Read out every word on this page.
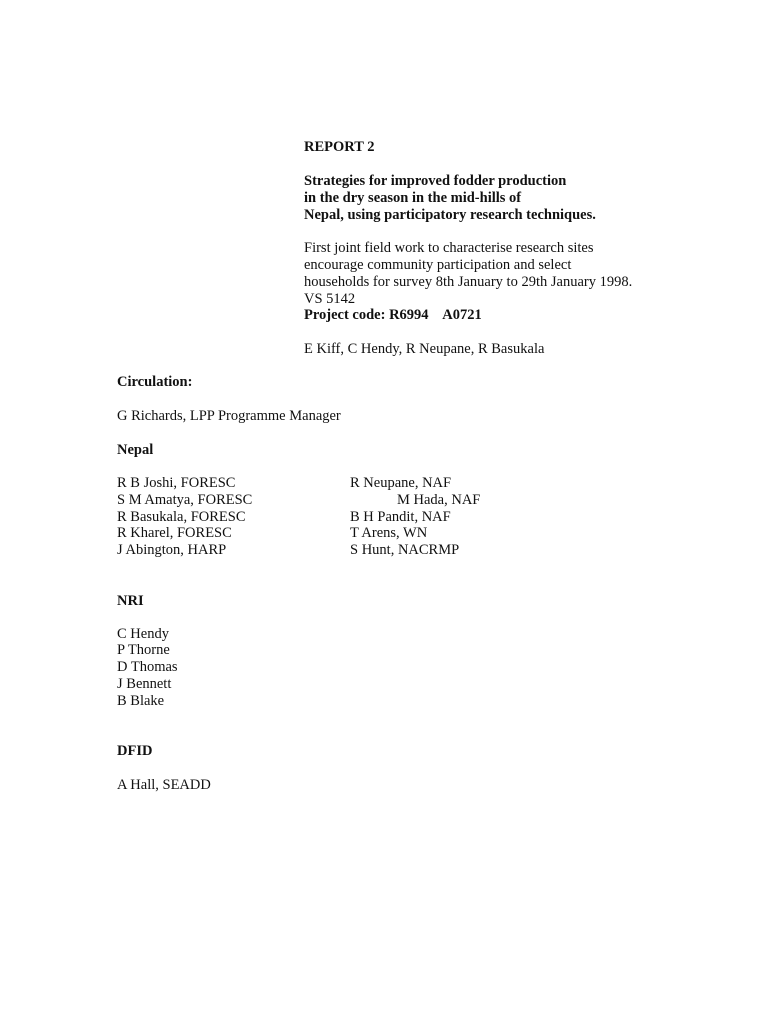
REPORT 2
Strategies for improved fodder production
in the dry season in the mid-hills of
Nepal, using participatory research techniques.
First joint field work to characterise research sites
encourage community participation and select
households for survey 8th January to 29th January 1998.
VS 5142
Project code: R6994    A0721
E Kiff, C Hendy, R Neupane, R Basukala
Circulation:
G Richards, LPP Programme Manager
Nepal
R B Joshi, FORESC
S M Amatya, FORESC
R Basukala, FORESC
R Kharel, FORESC
J Abington, HARP
R Neupane, NAF
M Hada, NAF
B H Pandit, NAF
T Arens, WN
S Hunt, NACRMP
NRI
C Hendy
P Thorne
D Thomas
J Bennett
B Blake
DFID
A Hall, SEADD
